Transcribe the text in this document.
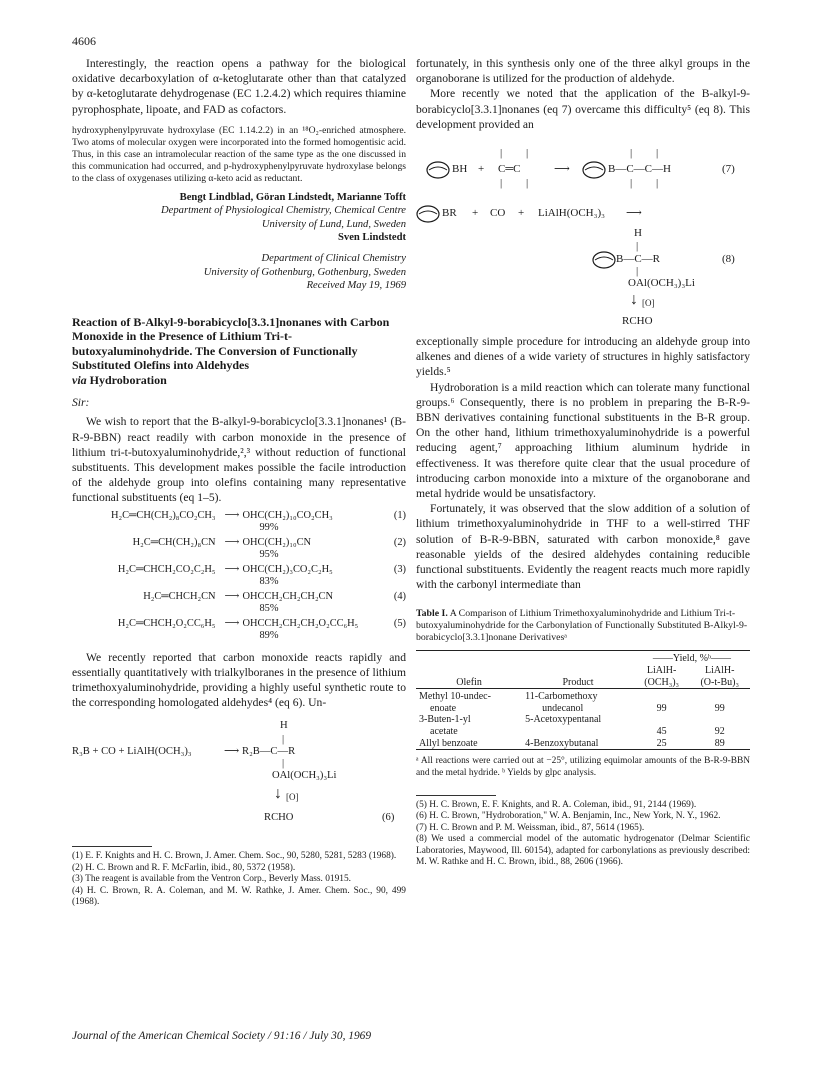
4606

Interestingly, the reaction opens a pathway for the biological oxidative decarboxylation of α-ketoglutarate other than that catalyzed by α-ketoglutarate dehydrogenase (EC 1.2.4.2) which requires thiamine pyrophosphate, lipoate, and FAD as cofactors.

hydroxyphenylpyruvate hydroxylase (EC 1.14.2.2) in an ¹⁸O₂-enriched atmosphere. Two atoms of molecular oxygen were incorporated into the formed homogentisic acid. Thus, in this case an intramolecular reaction of the same type as the one discussed in this communication had occurred, and p-hydroxyphenylpyruvate hydroxylase belongs to the class of oxygenases utilizing α-keto acid as reductant.

Bengt Lindblad, Göran Lindstedt, Marianne Tofft
Department of Physiological Chemistry, Chemical Centre
University of Lund, Lund, Sweden
Sven Lindstedt
Department of Clinical Chemistry
University of Gothenburg, Gothenburg, Sweden
Received May 19, 1969
Reaction of B-Alkyl-9-borabicyclo[3.3.1]nonanes with Carbon Monoxide in the Presence of Lithium Tri-t-butoxyaluminohydride. The Conversion of Functionally Substituted Olefins into Aldehydes
via Hydroboration
Sir:

We wish to report that the B-alkyl-9-borabicyclo[3.3.1]nonanes¹ (B-R-9-BBN) react readily with carbon monoxide in the presence of lithium tri-t-butoxyaluminohydride,²,³ without reduction of functional substituents. This development makes possible the facile introduction of the aldehyde group into olefins containing many representative functional substituents (eq 1–5).

H₂C═CH(CH₂)₈CO₂CH₃ ⟶ OHC(CH₂)₁₀CO₂CH₃	(1)
99%
H₂C═CH(CH₂)₈CN ⟶ OHC(CH₂)₁₀CN	(2)
95%
H₂C═CHCH₂CO₂C₂H₅ ⟶ OHC(CH₂)₃CO₂C₂H₅	(3)
83%
H₂C═CHCH₂CN ⟶ OHCCH₂CH₂CH₂CN	(4)
85%
H₂C═CHCH₂O₂CC₆H₅ ⟶ OHCCH₂CH₂CH₂O₂CC₆H₅	(5)
89%

We recently reported that carbon monoxide reacts rapidly and essentially quantitatively with trialkylboranes in the presence of lithium trimethoxyaluminohydride, providing a highly useful synthetic route to the corresponding homologated aldehydes⁴ (eq 6). Un-

H
|
R₃B + CO + LiAlH(OCH₃)₃	⟶ R₂B—C—R
|
OAl(OCH₃)₃Li
↓ [O]
RCHO	(6)

(1) E. F. Knights and H. C. Brown, J. Amer. Chem. Soc., 90, 5280, 5281, 5283 (1968).

(2) H. C. Brown and R. F. McFarlin, ibid., 80, 5372 (1958).

(3) The reagent is available from the Ventron Corp., Beverly Mass. 01915.

(4) H. C. Brown, R. A. Coleman, and M. W. Rathke, J. Amer. Chem. Soc., 90, 499 (1968).

fortunately, in this synthesis only one of the three alkyl groups in the organoborane is utilized for the production of aldehyde.

More recently we noted that the application of the B-alkyl-9-borabicyclo[3.3.1]nonanes (eq 7) overcame this difficulty⁵ (eq 8). This development provided an

BH +
| |
C═C
| |
⟶
| |
B—C—C—H
| |
(7)
BR + CO + LiAlH(OCH₃)₃ ⟶
H
|
B—C—R	(8)
|
OAl(OCH₃)₃Li
↓ [O]
RCHO

exceptionally simple procedure for introducing an aldehyde group into alkenes and dienes of a wide variety of structures in highly satisfactory yields.⁵

Hydroboration is a mild reaction which can tolerate many functional groups.⁶ Consequently, there is no problem in preparing the B-R-9-BBN derivatives containing functional substituents in the B-R group. On the other hand, lithium trimethoxyaluminohydride is a powerful reducing agent,⁷ approaching lithium aluminum hydride in effectiveness. It was therefore quite clear that the usual procedure of introducing carbon monoxide into a mixture of the organoborane and metal hydride would be unsatisfactory.

Fortunately, it was observed that the slow addition of a solution of lithium trimethoxyaluminohydride in THF to a well-stirred THF solution of B-R-9-BBN, saturated with carbon monoxide,⁸ gave reasonable yields of the desired aldehydes containing reducible functional substituents. Evidently the reagent reacts much more rapidly with the carbonyl intermediate than

Table I. A Comparison of Lithium Trimethoxyaluminohydride and Lithium Tri-t-butoxyaluminohydride for the Carbonylation of Functionally Substituted B-Alkyl-9-borabicyclo[3.3.1]nonane Derivativesᵃ

		——Yield, %ᵇ——	
		LiAlH-	LiAlH-
Olefin	Product	(OCH₃)₃	(O-t-Bu)₃

Methyl 10-undec-	11-Carbomethoxy		
enoate	undecanol	99	99
3-Buten-1-yl	5-Acetoxypentanal		
acetate		45	92
Allyl benzoate	4-Benzoxybutanal	25	89

ᵃ All reactions were carried out at −25°, utilizing equimolar amounts of the B-R-9-BBN and the metal hydride. ᵇ Yields by glpc analysis.

(5) H. C. Brown, E. F. Knights, and R. A. Coleman, ibid., 91, 2144 (1969).

(6) H. C. Brown, "Hydroboration," W. A. Benjamin, Inc., New York, N. Y., 1962.

(7) H. C. Brown and P. M. Weissman, ibid., 87, 5614 (1965).

(8) We used a commercial model of the automatic hydrogenator (Delmar Scientific Laboratories, Maywood, Ill. 60154), adapted for carbonylations as previously described: M. W. Rathke and H. C. Brown, ibid., 88, 2606 (1966).

Journal of the American Chemical Society / 91:16 / July 30, 1969
